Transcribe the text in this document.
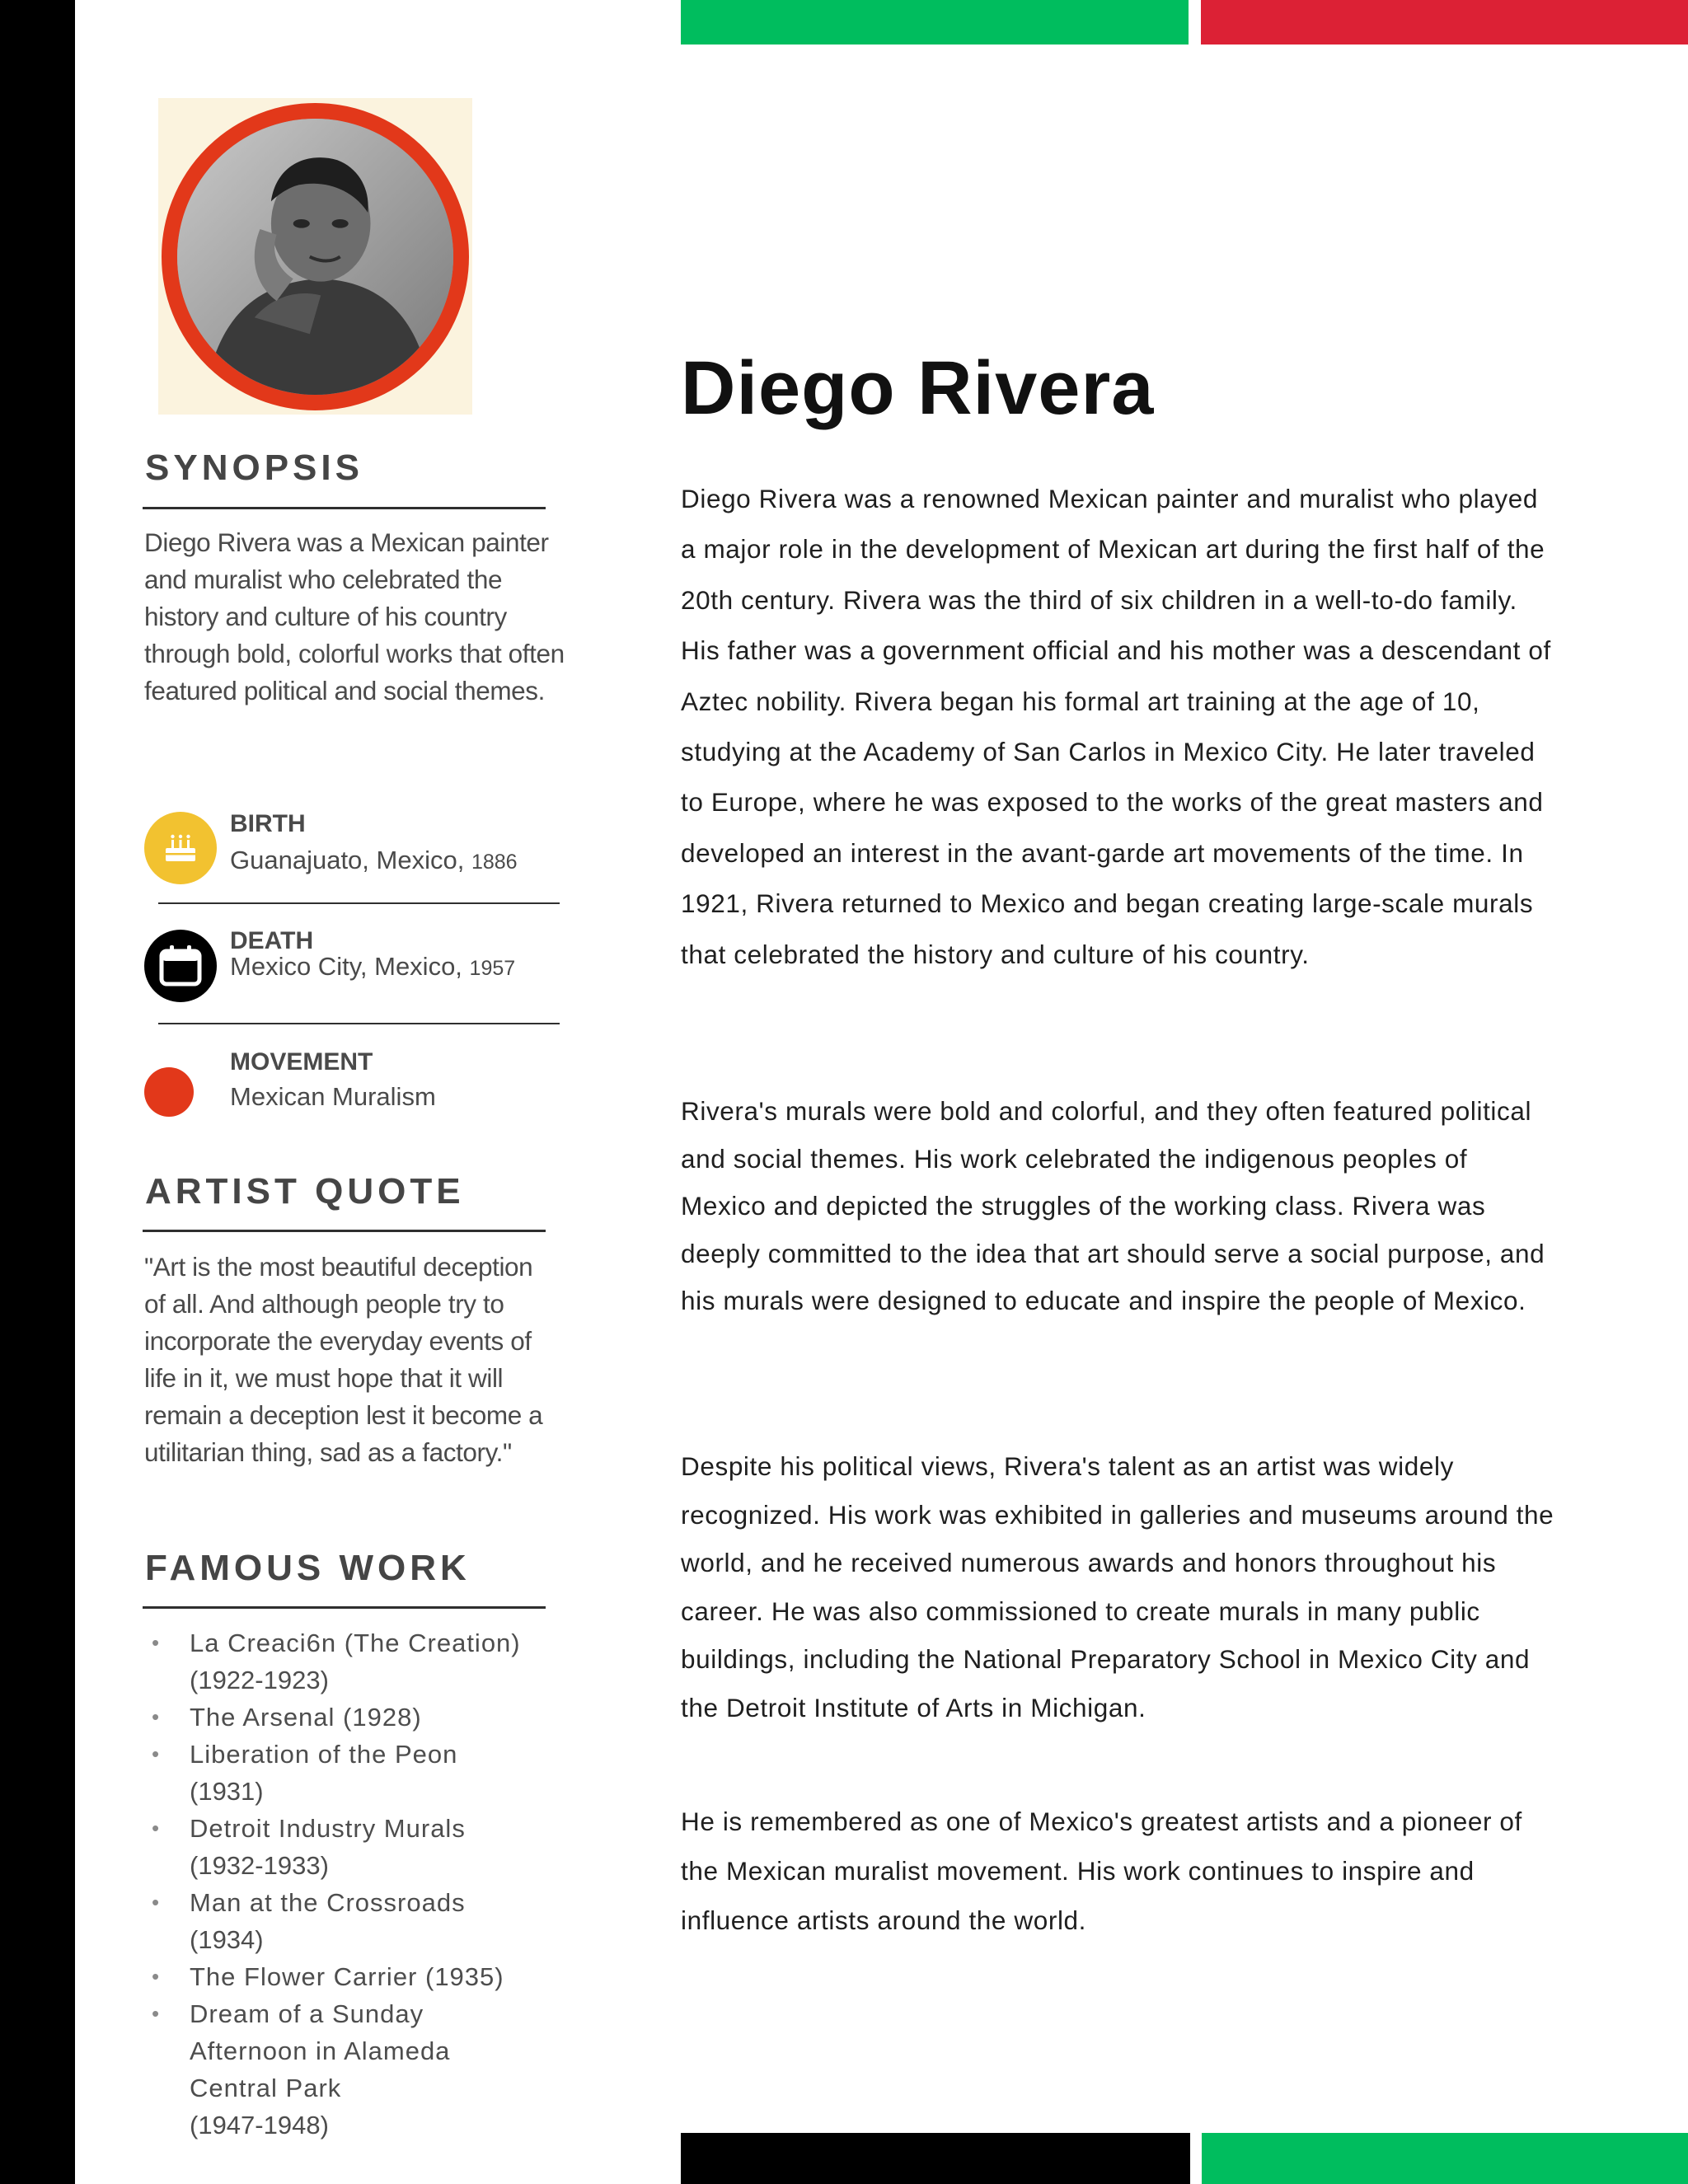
SYNOPSIS
Diego Rivera was a Mexican painter and muralist who celebrated the history and culture of his country through bold, colorful works that often featured political and social themes.
BIRTH
Guanajuato, Mexico, 1886
DEATH
Mexico City, Mexico, 1957
MOVEMENT
Mexican Muralism
ARTIST QUOTE
"Art is the most beautiful deception of all. And although people try to incorporate the everyday events of life in it, we must hope that it will remain a deception lest it become a utilitarian thing, sad as a factory."
FAMOUS WORK
• La Creaci6n (The Creation)
(1922-1923)
• The Arsenal (1928)
• Liberation of the Peon
(1931)
• Detroit Industry Murals
(1932-1933)
• Man at the Crossroads
(1934)
• The Flower Carrier (1935)
• Dream of a Sunday Afternoon in Alameda Central Park
(1947-1948)
Diego Rivera

Diego Rivera was a renowned Mexican painter and muralist who played a major role in the development of Mexican art during the first half of the 20th century. Rivera was the third of six children in a well-to-do family. His father was a government official and his mother was a descendant of Aztec nobility. Rivera began his formal art training at the age of 10, studying at the Academy of San Carlos in Mexico City. He later traveled to Europe, where he was exposed to the works of the great masters and developed an interest in the avant-garde art movements of the time. In 1921, Rivera returned to Mexico and began creating large-scale murals that celebrated the history and culture of his country.

Rivera's murals were bold and colorful, and they often featured political and social themes. His work celebrated the indigenous peoples of Mexico and depicted the struggles of the working class. Rivera was deeply committed to the idea that art should serve a social purpose, and his murals were designed to educate and inspire the people of Mexico.

Despite his political views, Rivera's talent as an artist was widely recognized. His work was exhibited in galleries and museums around the world, and he received numerous awards and honors throughout his career. He was also commissioned to create murals in many public buildings, including the National Preparatory School in Mexico City and the Detroit Institute of Arts in Michigan.

He is remembered as one of Mexico's greatest artists and a pioneer of the Mexican muralist movement. His work continues to inspire and influence artists around the world.
